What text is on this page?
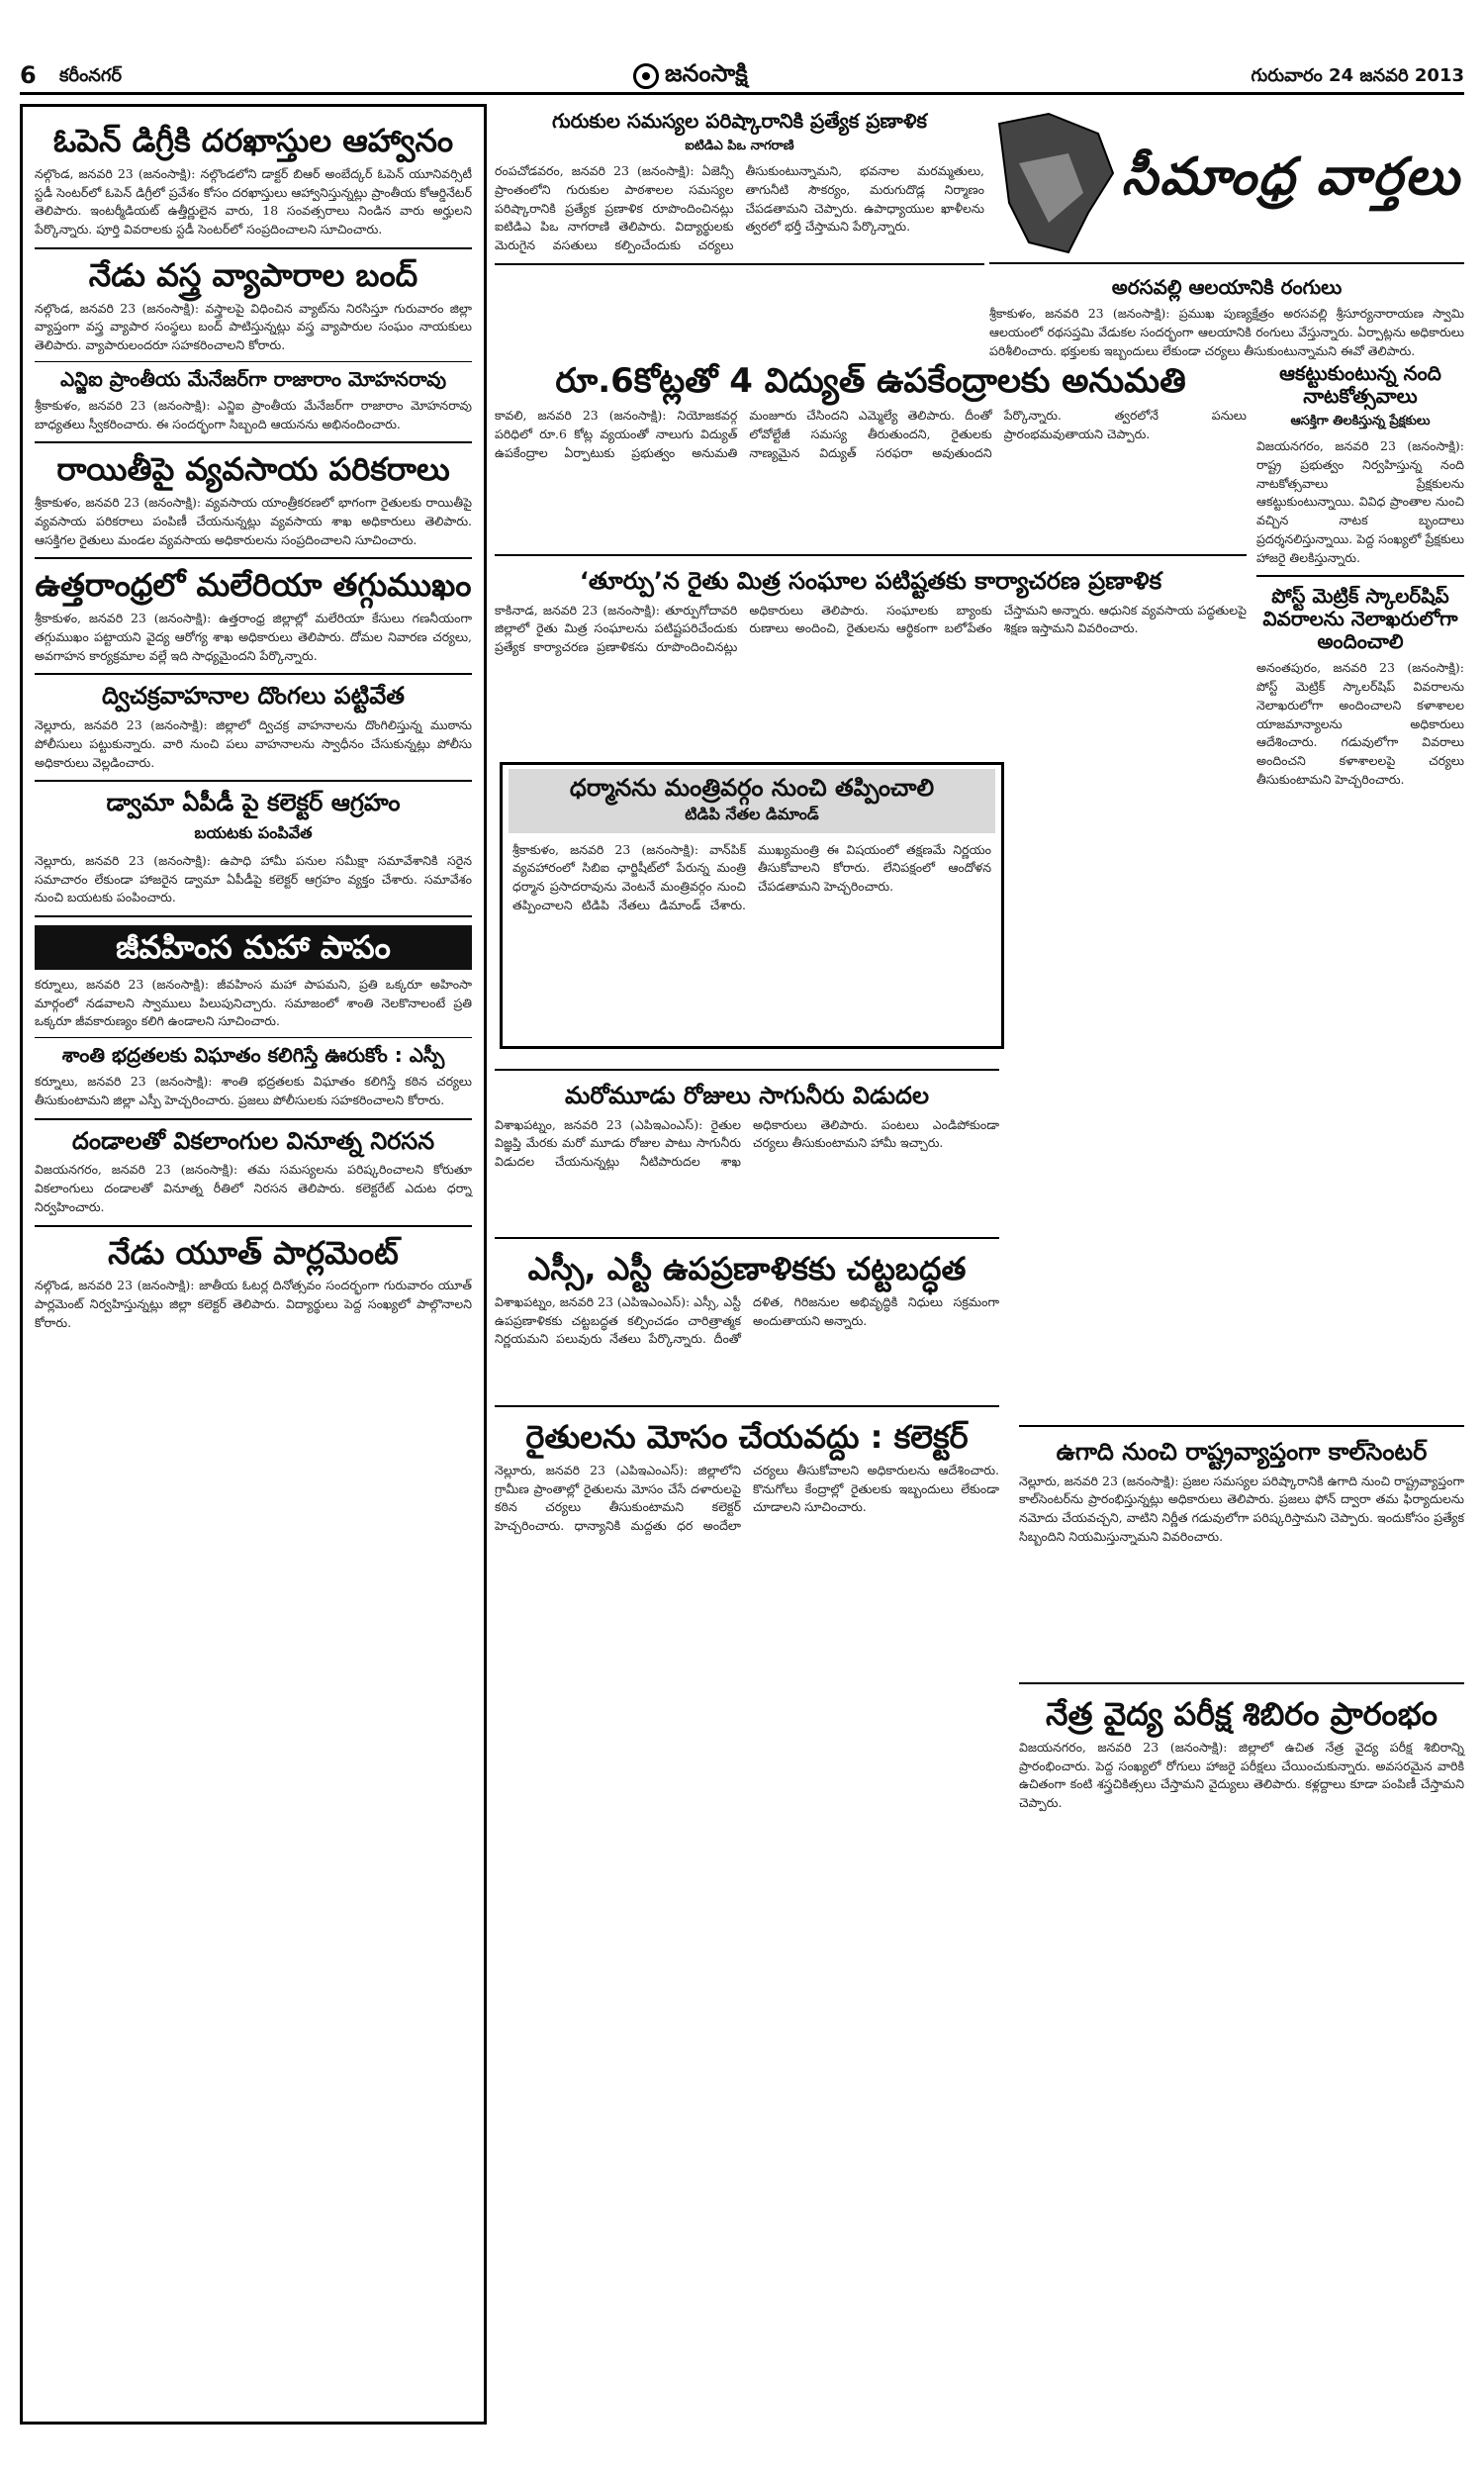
6 కరీంనగర్	జనంసాక్షి	గురువారం 24 జనవరి 2013
ఓపెన్ డిగ్రీకి దరఖాస్తుల ఆహ్వానం
నల్గొండ, జనవరి 23 (జనంసాక్షి): నల్గొండలోని డాక్టర్ బిఆర్ అంబేద్కర్ ఓపెన్ యూనివర్సిటీ స్టడీ సెంటర్‌లో ఓపెన్ డిగ్రీలో ప్రవేశం కోసం దరఖాస్తులు ఆహ్వానిస్తున్నట్లు ప్రాంతీయ కోఆర్డినేటర్ తెలిపారు. ఇంటర్మీడియట్ ఉత్తీర్ణులైన వారు, 18 సంవత్సరాలు నిండిన వారు అర్హులని పేర్కొన్నారు. పూర్తి వివరాలకు స్టడీ సెంటర్‌లో సంప్రదించాలని సూచించారు.
నేడు వస్త్ర వ్యాపారాల బంద్
నల్గొండ, జనవరి 23 (జనంసాక్షి): వస్త్రాలపై విధించిన వ్యాట్‌ను నిరసిస్తూ గురువారం జిల్లా వ్యాప్తంగా వస్త్ర వ్యాపార సంస్థలు బంద్ పాటిస్తున్నట్లు వస్త్ర వ్యాపారుల సంఘం నాయకులు తెలిపారు. వ్యాపారులందరూ సహకరించాలని కోరారు.
ఎన్జిఐ ప్రాంతీయ మేనేజర్‌గా రాజారాం మోహనరావు
శ్రీకాకుళం, జనవరి 23 (జనంసాక్షి): ఎన్జిఐ ప్రాంతీయ మేనేజర్‌గా రాజారాం మోహనరావు బాధ్యతలు స్వీకరించారు. ఈ సందర్భంగా సిబ్బంది ఆయనను అభినందించారు.
రాయితీపై వ్యవసాయ పరికరాలు
శ్రీకాకుళం, జనవరి 23 (జనంసాక్షి): వ్యవసాయ యాంత్రీకరణలో భాగంగా రైతులకు రాయితీపై వ్యవసాయ పరికరాలు పంపిణీ చేయనున్నట్లు వ్యవసాయ శాఖ అధికారులు తెలిపారు. ఆసక్తిగల రైతులు మండల వ్యవసాయ అధికారులను సంప్రదించాలని సూచించారు.
ఉత్తరాంధ్రలో మలేరియా తగ్గుముఖం
శ్రీకాకుళం, జనవరి 23 (జనంసాక్షి): ఉత్తరాంధ్ర జిల్లాల్లో మలేరియా కేసులు గణనీయంగా తగ్గుముఖం పట్టాయని వైద్య ఆరోగ్య శాఖ అధికారులు తెలిపారు. దోమల నివారణ చర్యలు, అవగాహన కార్యక్రమాల వల్లే ఇది సాధ్యమైందని పేర్కొన్నారు.
ద్విచక్రవాహనాల దొంగలు పట్టివేత
నెల్లూరు, జనవరి 23 (జనంసాక్షి): జిల్లాలో ద్విచక్ర వాహనాలను దొంగిలిస్తున్న ముఠాను పోలీసులు పట్టుకున్నారు. వారి నుంచి పలు వాహనాలను స్వాధీనం చేసుకున్నట్లు పోలీసు అధికారులు వెల్లడించారు.
డ్వామా ఏపీడీ పై కలెక్టర్ ఆగ్రహం
బయటకు పంపివేత
నెల్లూరు, జనవరి 23 (జనంసాక్షి): ఉపాధి హామీ పనుల సమీక్షా సమావేశానికి సరైన సమాచారం లేకుండా హాజరైన డ్వామా ఏపీడీపై కలెక్టర్ ఆగ్రహం వ్యక్తం చేశారు. సమావేశం నుంచి బయటకు పంపించారు.
జీవహింస మహా పాపం
కర్నూలు, జనవరి 23 (జనంసాక్షి): జీవహింస మహా పాపమని, ప్రతి ఒక్కరూ అహింసా మార్గంలో నడవాలని స్వాములు పిలుపునిచ్చారు. సమాజంలో శాంతి నెలకొనాలంటే ప్రతి ఒక్కరూ జీవకారుణ్యం కలిగి ఉండాలని సూచించారు.
శాంతి భద్రతలకు విఘాతం కలిగిస్తే ఊరుకోం : ఎస్పీ
కర్నూలు, జనవరి 23 (జనంసాక్షి): శాంతి భద్రతలకు విఘాతం కలిగిస్తే కఠిన చర్యలు తీసుకుంటామని జిల్లా ఎస్పీ హెచ్చరించారు. ప్రజలు పోలీసులకు సహకరించాలని కోరారు.
దండాలతో వికలాంగుల వినూత్న నిరసన
విజయనగరం, జనవరి 23 (జనంసాక్షి): తమ సమస్యలను పరిష్కరించాలని కోరుతూ వికలాంగులు దండాలతో వినూత్న రీతిలో నిరసన తెలిపారు. కలెక్టరేట్ ఎదుట ధర్నా నిర్వహించారు.
నేడు యూత్ పార్లమెంట్
నల్గొండ, జనవరి 23 (జనంసాక్షి): జాతీయ ఓటర్ల దినోత్సవం సందర్భంగా గురువారం యూత్ పార్లమెంట్ నిర్వహిస్తున్నట్లు జిల్లా కలెక్టర్ తెలిపారు. విద్యార్థులు పెద్ద సంఖ్యలో పాల్గొనాలని కోరారు.
గురుకుల సమస్యల పరిష్కారానికి ప్రత్యేక ప్రణాళిక
ఐటిడిఎ పిఒ నాగరాణి
రంపచోడవరం, జనవరి 23 (జనంసాక్షి): ఏజెన్సీ ప్రాంతంలోని గురుకుల పాఠశాలల సమస్యల పరిష్కారానికి ప్రత్యేక ప్రణాళిక రూపొందించినట్లు ఐటిడిఎ పిఒ నాగరాణి తెలిపారు. విద్యార్థులకు మెరుగైన వసతులు కల్పించేందుకు చర్యలు తీసుకుంటున్నామని, భవనాల మరమ్మతులు, తాగునీటి సౌకర్యం, మరుగుదొడ్ల నిర్మాణం చేపడతామని చెప్పారు. ఉపాధ్యాయుల ఖాళీలను త్వరలో భర్తీ చేస్తామని పేర్కొన్నారు.
రూ.6కోట్లతో 4 విద్యుత్ ఉపకేంద్రాలకు అనుమతి
కావలి, జనవరి 23 (జనంసాక్షి): నియోజకవర్గ పరిధిలో రూ.6 కోట్ల వ్యయంతో నాలుగు విద్యుత్ ఉపకేంద్రాల ఏర్పాటుకు ప్రభుత్వం అనుమతి మంజూరు చేసిందని ఎమ్మెల్యే తెలిపారు. దీంతో లోవోల్టేజీ సమస్య తీరుతుందని, రైతులకు నాణ్యమైన విద్యుత్ సరఫరా అవుతుందని పేర్కొన్నారు. త్వరలోనే పనులు ప్రారంభమవుతాయని చెప్పారు.
‘తూర్పు’న రైతు మిత్ర సంఘాల పటిష్టతకు కార్యాచరణ ప్రణాళిక
కాకినాడ, జనవరి 23 (జనంసాక్షి): తూర్పుగోదావరి జిల్లాలో రైతు మిత్ర సంఘాలను పటిష్టపరిచేందుకు ప్రత్యేక కార్యాచరణ ప్రణాళికను రూపొందించినట్లు అధికారులు తెలిపారు. సంఘాలకు బ్యాంకు రుణాలు అందించి, రైతులను ఆర్థికంగా బలోపేతం చేస్తామని అన్నారు. ఆధునిక వ్యవసాయ పద్ధతులపై శిక్షణ ఇస్తామని వివరించారు.
ధర్మానను మంత్రివర్గం నుంచి తప్పించాలి
టిడిపి నేతల డిమాండ్
శ్రీకాకుళం, జనవరి 23 (జనంసాక్షి): వాన్‌పిక్ వ్యవహారంలో సిబిఐ ఛార్జిషీట్‌లో పేరున్న మంత్రి ధర్మాన ప్రసాదరావును వెంటనే మంత్రివర్గం నుంచి తప్పించాలని టిడిపి నేతలు డిమాండ్ చేశారు. ముఖ్యమంత్రి ఈ విషయంలో తక్షణమే నిర్ణయం తీసుకోవాలని కోరారు. లేనిపక్షంలో ఆందోళన చేపడతామని హెచ్చరించారు.
మరోమూడు రోజులు సాగునీరు విడుదల
విశాఖపట్నం, జనవరి 23 (ఎపిఇఎంఎస్): రైతుల విజ్ఞప్తి మేరకు మరో మూడు రోజుల పాటు సాగునీరు విడుదల చేయనున్నట్లు నీటిపారుదల శాఖ అధికారులు తెలిపారు. పంటలు ఎండిపోకుండా చర్యలు తీసుకుంటామని హామీ ఇచ్చారు.
ఎస్సీ, ఎస్టీ ఉపప్రణాళికకు చట్టబద్ధత
విశాఖపట్నం, జనవరి 23 (ఎపిఇఎంఎస్): ఎస్సీ, ఎస్టీ ఉపప్రణాళికకు చట్టబద్ధత కల్పించడం చారిత్రాత్మక నిర్ణయమని పలువురు నేతలు పేర్కొన్నారు. దీంతో దళిత, గిరిజనుల అభివృద్ధికి నిధులు సక్రమంగా అందుతాయని అన్నారు.
రైతులను మోసం చేయవద్దు : కలెక్టర్
నెల్లూరు, జనవరి 23 (ఎపిఇఎంఎస్): జిల్లాలోని గ్రామీణ ప్రాంతాల్లో రైతులను మోసం చేసే దళారులపై కఠిన చర్యలు తీసుకుంటామని కలెక్టర్ హెచ్చరించారు. ధాన్యానికి మద్దతు ధర అందేలా చర్యలు తీసుకోవాలని అధికారులను ఆదేశించారు. కొనుగోలు కేంద్రాల్లో రైతులకు ఇబ్బందులు లేకుండా చూడాలని సూచించారు.
సీమాంధ్ర వార్తలు
అరసవల్లి ఆలయానికి రంగులు
శ్రీకాకుళం, జనవరి 23 (జనంసాక్షి): ప్రముఖ పుణ్యక్షేత్రం అరసవల్లి శ్రీసూర్యనారాయణ స్వామి ఆలయంలో రథసప్తమి వేడుకల సందర్భంగా ఆలయానికి రంగులు వేస్తున్నారు. ఏర్పాట్లను అధికారులు పరిశీలించారు. భక్తులకు ఇబ్బందులు లేకుండా చర్యలు తీసుకుంటున్నామని ఈవో తెలిపారు.
ఆకట్టుకుంటున్న నంది నాటకోత్సవాలు
ఆసక్తిగా తిలకిస్తున్న ప్రేక్షకులు
విజయనగరం, జనవరి 23 (జనంసాక్షి): రాష్ట్ర ప్రభుత్వం నిర్వహిస్తున్న నంది నాటకోత్సవాలు ప్రేక్షకులను ఆకట్టుకుంటున్నాయి. వివిధ ప్రాంతాల నుంచి వచ్చిన నాటక బృందాలు ప్రదర్శనలిస్తున్నాయి. పెద్ద సంఖ్యలో ప్రేక్షకులు హాజరై తిలకిస్తున్నారు.
పోస్ట్ మెట్రిక్ స్కాలర్‌షిప్ వివరాలను నెలాఖరులోగా అందించాలి
అనంతపురం, జనవరి 23 (జనంసాక్షి): పోస్ట్ మెట్రిక్ స్కాలర్‌షిప్ వివరాలను నెలాఖరులోగా అందించాలని కళాశాలల యాజమాన్యాలను అధికారులు ఆదేశించారు. గడువులోగా వివరాలు అందించని కళాశాలలపై చర్యలు తీసుకుంటామని హెచ్చరించారు.
ఉగాది నుంచి రాష్ట్రవ్యాప్తంగా కాల్‌సెంటర్
నెల్లూరు, జనవరి 23 (జనంసాక్షి): ప్రజల సమస్యల పరిష్కారానికి ఉగాది నుంచి రాష్ట్రవ్యాప్తంగా కాల్‌సెంటర్‌ను ప్రారంభిస్తున్నట్లు అధికారులు తెలిపారు. ప్రజలు ఫోన్ ద్వారా తమ ఫిర్యాదులను నమోదు చేయవచ్చని, వాటిని నిర్ణీత గడువులోగా పరిష్కరిస్తామని చెప్పారు. ఇందుకోసం ప్రత్యేక సిబ్బందిని నియమిస్తున్నామని వివరించారు.
నేత్ర వైద్య పరీక్ష శిబిరం ప్రారంభం
విజయనగరం, జనవరి 23 (జనంసాక్షి): జిల్లాలో ఉచిత నేత్ర వైద్య పరీక్ష శిబిరాన్ని ప్రారంభించారు. పెద్ద సంఖ్యలో రోగులు హాజరై పరీక్షలు చేయించుకున్నారు. అవసరమైన వారికి ఉచితంగా కంటి శస్త్రచికిత్సలు చేస్తామని వైద్యులు తెలిపారు. కళ్లద్దాలు కూడా పంపిణీ చేస్తామని చెప్పారు.
